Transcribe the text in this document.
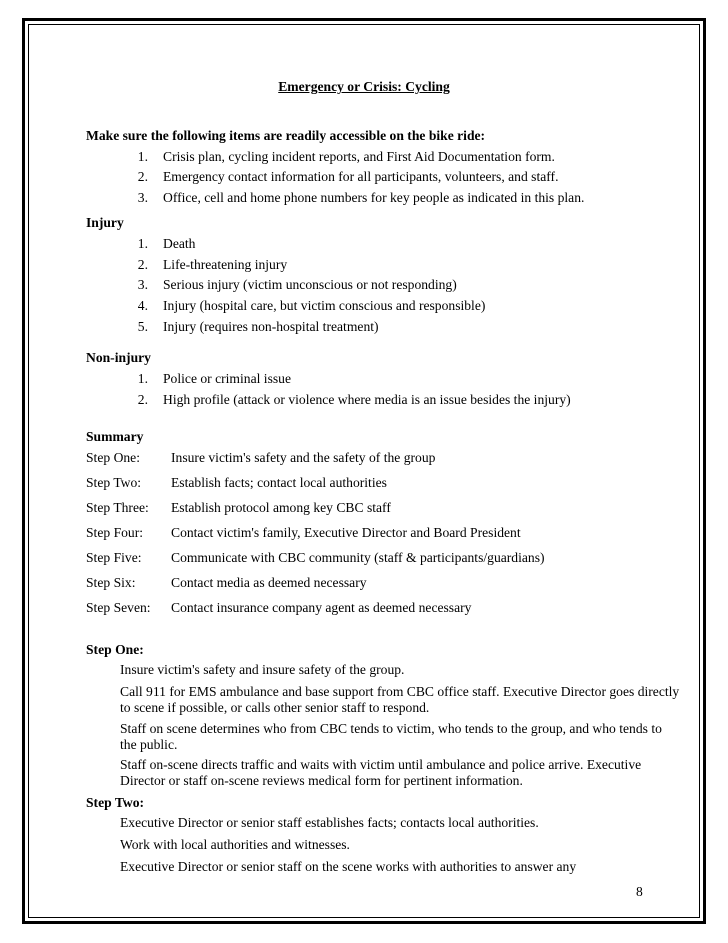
Emergency or Crisis: Cycling
Make sure the following items are readily accessible on the bike ride:
1. Crisis plan, cycling incident reports, and First Aid Documentation form.
2. Emergency contact information for all participants, volunteers, and staff.
3. Office, cell and home phone numbers for key people as indicated in this plan.
Injury
1. Death
2. Life-threatening injury
3. Serious injury (victim unconscious or not responding)
4. Injury (hospital care, but victim conscious and responsible)
5. Injury (requires non-hospital treatment)
Non-injury
1. Police or criminal issue
2. High profile (attack or violence where media is an issue besides the injury)
Summary
Step One: Insure victim's safety and the safety of the group
Step Two: Establish facts; contact local authorities
Step Three: Establish protocol among key CBC staff
Step Four: Contact victim's family, Executive Director and Board President
Step Five: Communicate with CBC community (staff & participants/guardians)
Step Six:	Contact media as deemed necessary
Step Seven: Contact insurance company agent as deemed necessary
Step One:
Insure victim's safety and insure safety of the group.
Call 911 for EMS ambulance and base support from CBC office staff. Executive Director goes directly to scene if possible, or calls other senior staff to respond.
Staff on scene determines who from CBC tends to victim, who tends to the group, and who tends to the public.
Staff on-scene directs traffic and waits with victim until ambulance and police arrive. Executive Director or staff on-scene reviews medical form for pertinent information.
Step Two:
Executive Director or senior staff establishes facts; contacts local authorities.
Work with local authorities and witnesses.
Executive Director or senior staff on the scene works with authorities to answer any
8
